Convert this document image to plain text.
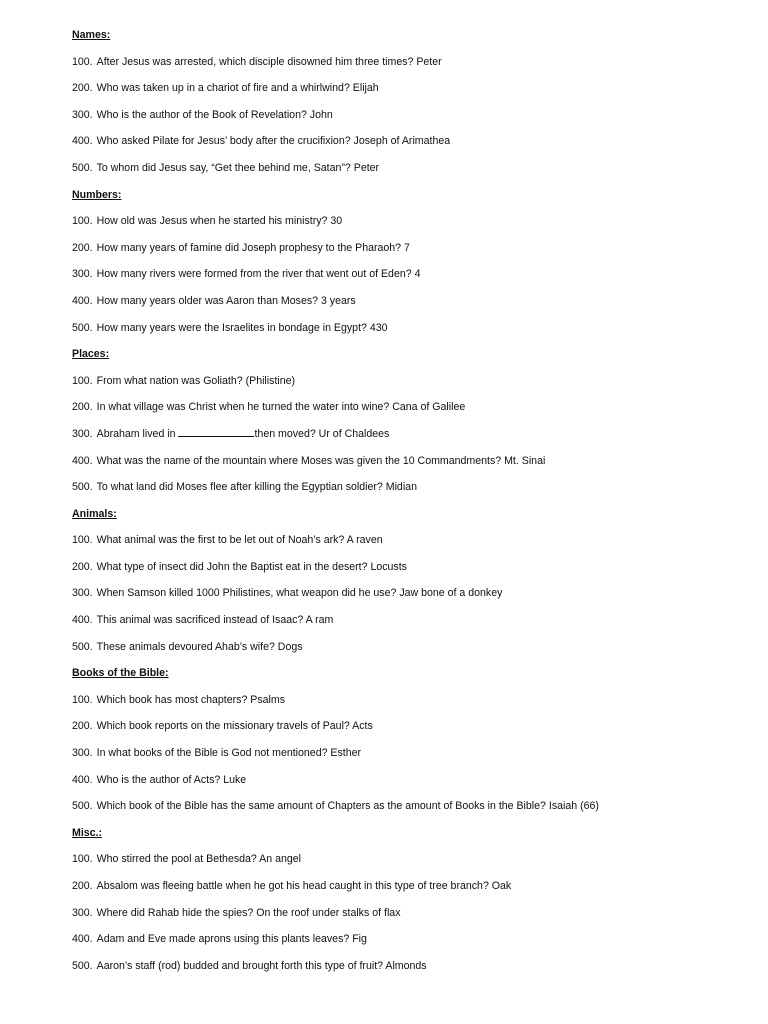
Names:
100. After Jesus was arrested, which disciple disowned him three times? Peter
200. Who was taken up in a chariot of fire and a whirlwind? Elijah
300. Who is the author of the Book of Revelation? John
400. Who asked Pilate for Jesus’ body after the crucifixion? Joseph of Arimathea
500. To whom did Jesus say, “Get thee behind me, Satan”? Peter
Numbers:
100. How old was Jesus when he started his ministry? 30
200. How many years of famine did Joseph prophesy to the Pharaoh? 7
300. How many rivers were formed from the river that went out of Eden? 4
400. How many years older was Aaron than Moses? 3 years
500. How many years were the Israelites in bondage in Egypt? 430
Places:
100. From what nation was Goliath? (Philistine)
200. In what village was Christ when he turned the water into wine? Cana of Galilee
300. Abraham lived in	then moved? Ur of Chaldees
400. What was the name of the mountain where Moses was given the 10 Commandments? Mt. Sinai
500. To what land did Moses flee after killing the Egyptian soldier? Midian
Animals:
100. What animal was the first to be let out of Noah’s ark? A raven
200. What type of insect did John the Baptist eat in the desert? Locusts
300. When Samson killed 1000 Philistines, what weapon did he use? Jaw bone of a donkey
400. This animal was sacrificed instead of Isaac? A ram
500. These animals devoured Ahab’s wife? Dogs
Books of the Bible:
100. Which book has most chapters? Psalms
200. Which book reports on the missionary travels of Paul? Acts
300. In what books of the Bible is God not mentioned? Esther
400. Who is the author of Acts? Luke
500. Which book of the Bible has the same amount of Chapters as the amount of Books in the Bible? Isaiah (66)
Misc.:
100. Who stirred the pool at Bethesda? An angel
200. Absalom was fleeing battle when he got his head caught in this type of tree branch? Oak
300. Where did Rahab hide the spies? On the roof under stalks of flax
400. Adam and Eve made aprons using this plants leaves? Fig
500. Aaron’s staff (rod) budded and brought forth this type of fruit? Almonds
